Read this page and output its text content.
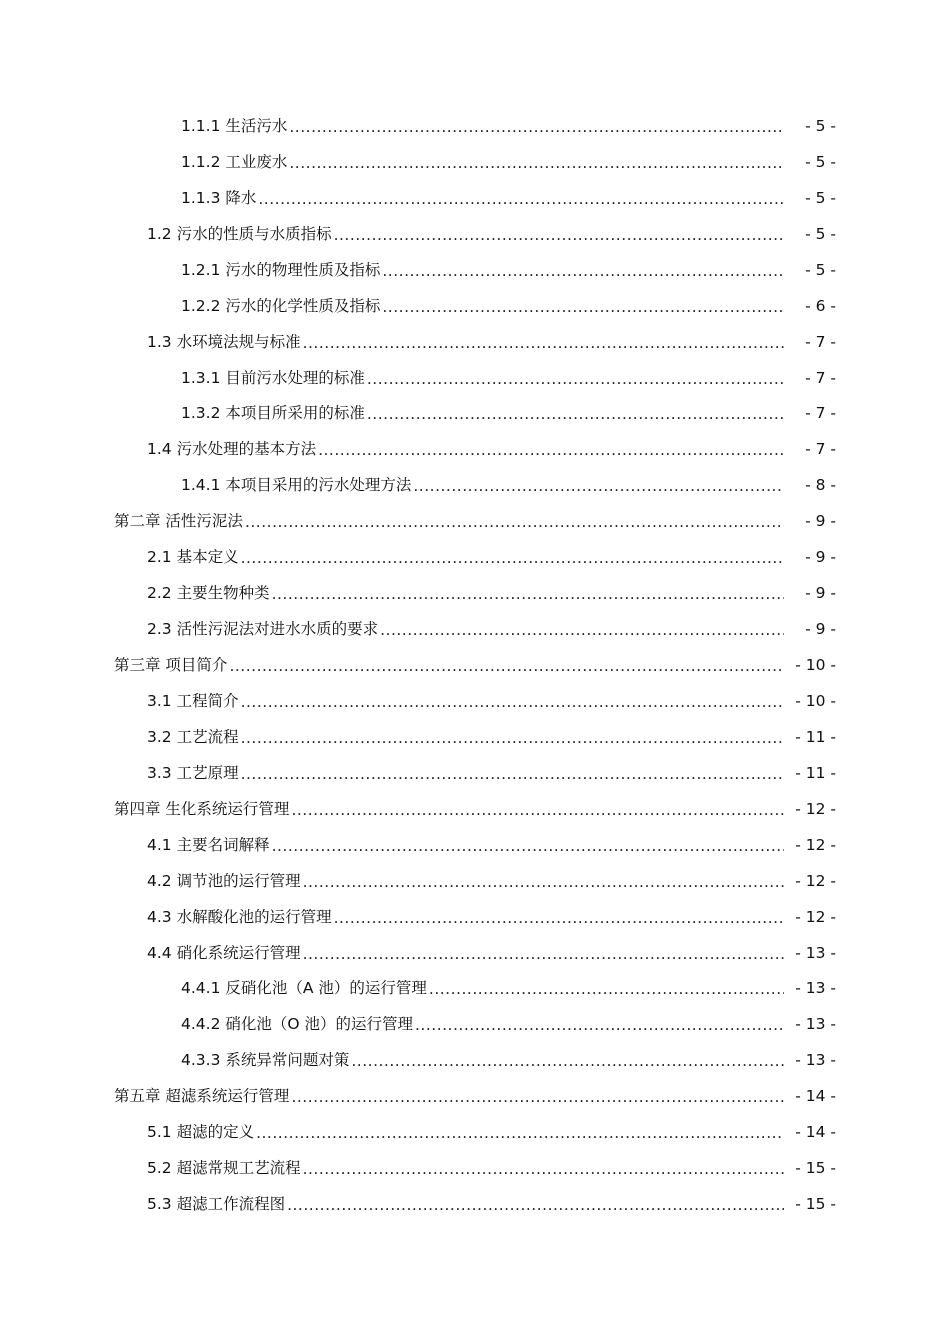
1.1.1 生活污水 .....	- 5 -
1.1.2 工业废水 .....	- 5 -
1.1.3 降水 .....	- 5 -
1.2 污水的性质与水质指标 .....	- 5 -
1.2.1 污水的物理性质及指标 .....	- 5 -
1.2.2 污水的化学性质及指标 .....	- 6 -
1.3 水环境法规与标准 .....	- 7 -
1.3.1 目前污水处理的标准 .....	- 7 -
1.3.2 本项目所采用的标准 .....	- 7 -
1.4 污水处理的基本方法 .....	- 7 -
1.4.1 本项目采用的污水处理方法 .....	- 8 -
第二章 活性污泥法 .....	- 9 -
2.1 基本定义 .....	- 9 -
2.2 主要生物种类 .....	- 9 -
2.3 活性污泥法对进水水质的要求 .....	- 9 -
第三章 项目简介 .....	- 10 -
3.1 工程简介 .....	- 10 -
3.2 工艺流程 .....	- 11 -
3.3 工艺原理 .....	- 11 -
第四章 生化系统运行管理 .....	- 12 -
4.1 主要名词解释 .....	- 12 -
4.2 调节池的运行管理 .....	- 12 -
4.3 水解酸化池的运行管理 .....	- 12 -
4.4 硝化系统运行管理 .....	- 13 -
4.4.1 反硝化池（A 池）的运行管理 .....	- 13 -
4.4.2 硝化池（O 池）的运行管理 .....	- 13 -
4.3.3 系统异常问题对策 .....	- 13 -
第五章 超滤系统运行管理 .....	- 14 -
5.1 超滤的定义 .....	- 14 -
5.2 超滤常规工艺流程 .....	- 15 -
5.3 超滤工作流程图 .....	- 15 -
